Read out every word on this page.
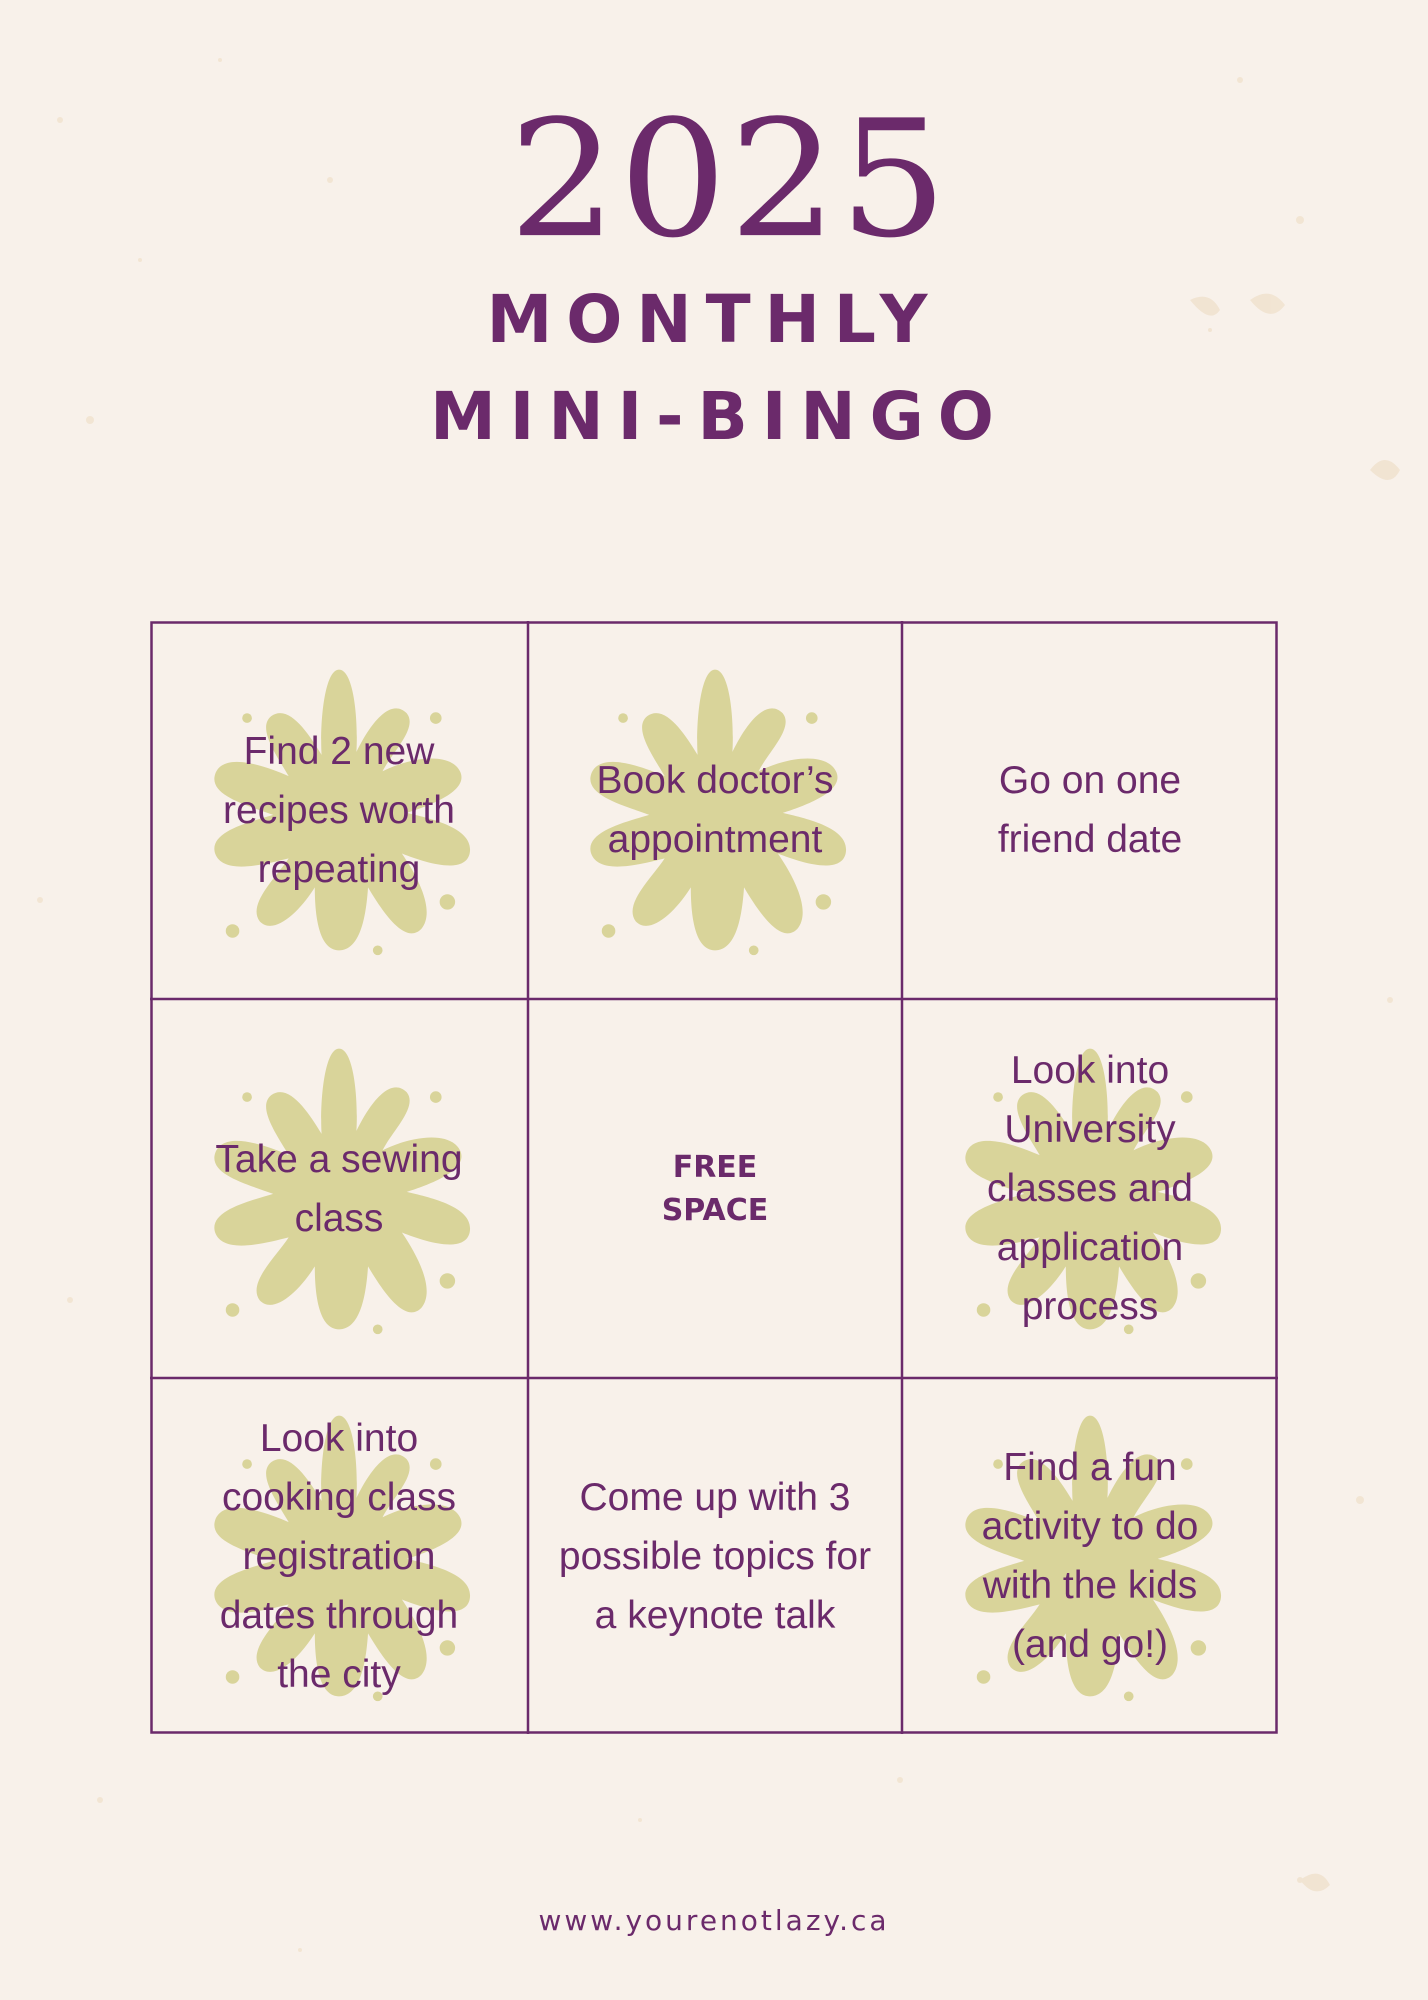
2025
MONTHLY
MINI-BINGO
Find 2 new recipes worth repeating
Book doctor’s appointment
Go on one friend date
Take a sewing class
FREE SPACE
Look into University classes and application process
Look into cooking class registration dates through the city
Come up with 3 possible topics for a keynote talk
Find a fun activity to do with the kids (and go!)
www.yourenotlazy.ca
